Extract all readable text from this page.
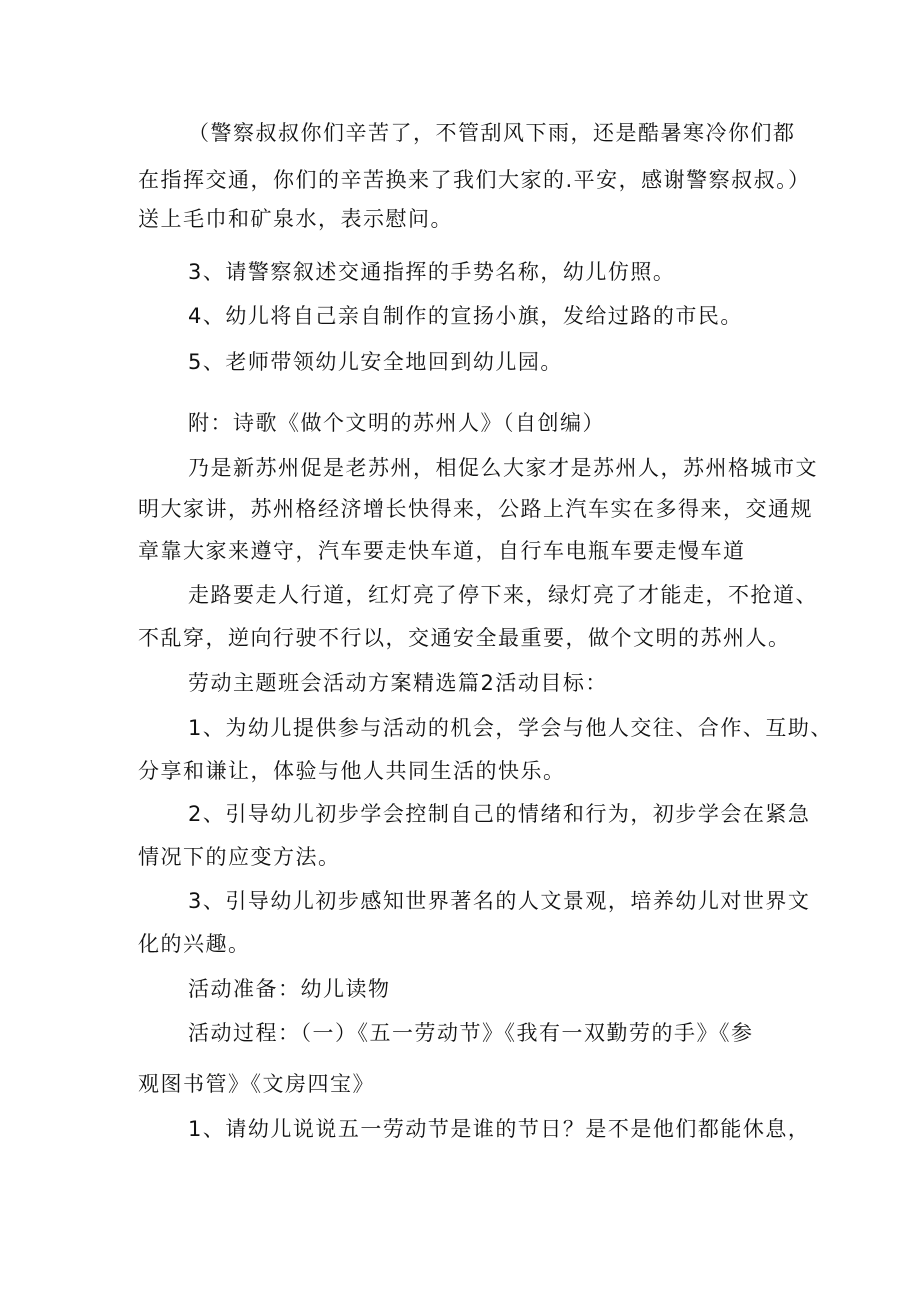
（警察叔叔你们辛苦了，不管刮风下雨，还是酷暑寒冷你们都
在指挥交通，你们的辛苦换来了我们大家的.平安，感谢警察叔叔。）
送上毛巾和矿泉水，表示慰问。
3、请警察叙述交通指挥的手势名称，幼儿仿照。
4、幼儿将自己亲自制作的宣扬小旗，发给过路的市民。
5、老师带领幼儿安全地回到幼儿园。
附：诗歌《做个文明的苏州人》（自创编）
乃是新苏州促是老苏州，相促么大家才是苏州人，苏州格城市文
明大家讲，苏州格经济增长快得来，公路上汽车实在多得来，交通规
章靠大家来遵守，汽车要走快车道，自行车电瓶车要走慢车道
走路要走人行道，红灯亮了停下来，绿灯亮了才能走，不抢道、
不乱穿，逆向行驶不行以，交通安全最重要，做个文明的苏州人。
劳动主题班会活动方案精选篇2活动目标：
1、为幼儿提供参与活动的机会，学会与他人交往、合作、互助、
分享和谦让，体验与他人共同生活的快乐。
2、引导幼儿初步学会控制自己的情绪和行为，初步学会在紧急
情况下的应变方法。
3、引导幼儿初步感知世界著名的人文景观，培养幼儿对世界文
化的兴趣。
活动准备：幼儿读物
活动过程：（一）《五一劳动节》《我有一双勤劳的手》《参
观图书管》《文房四宝》
1、请幼儿说说五一劳动节是谁的节日？是不是他们都能休息，
